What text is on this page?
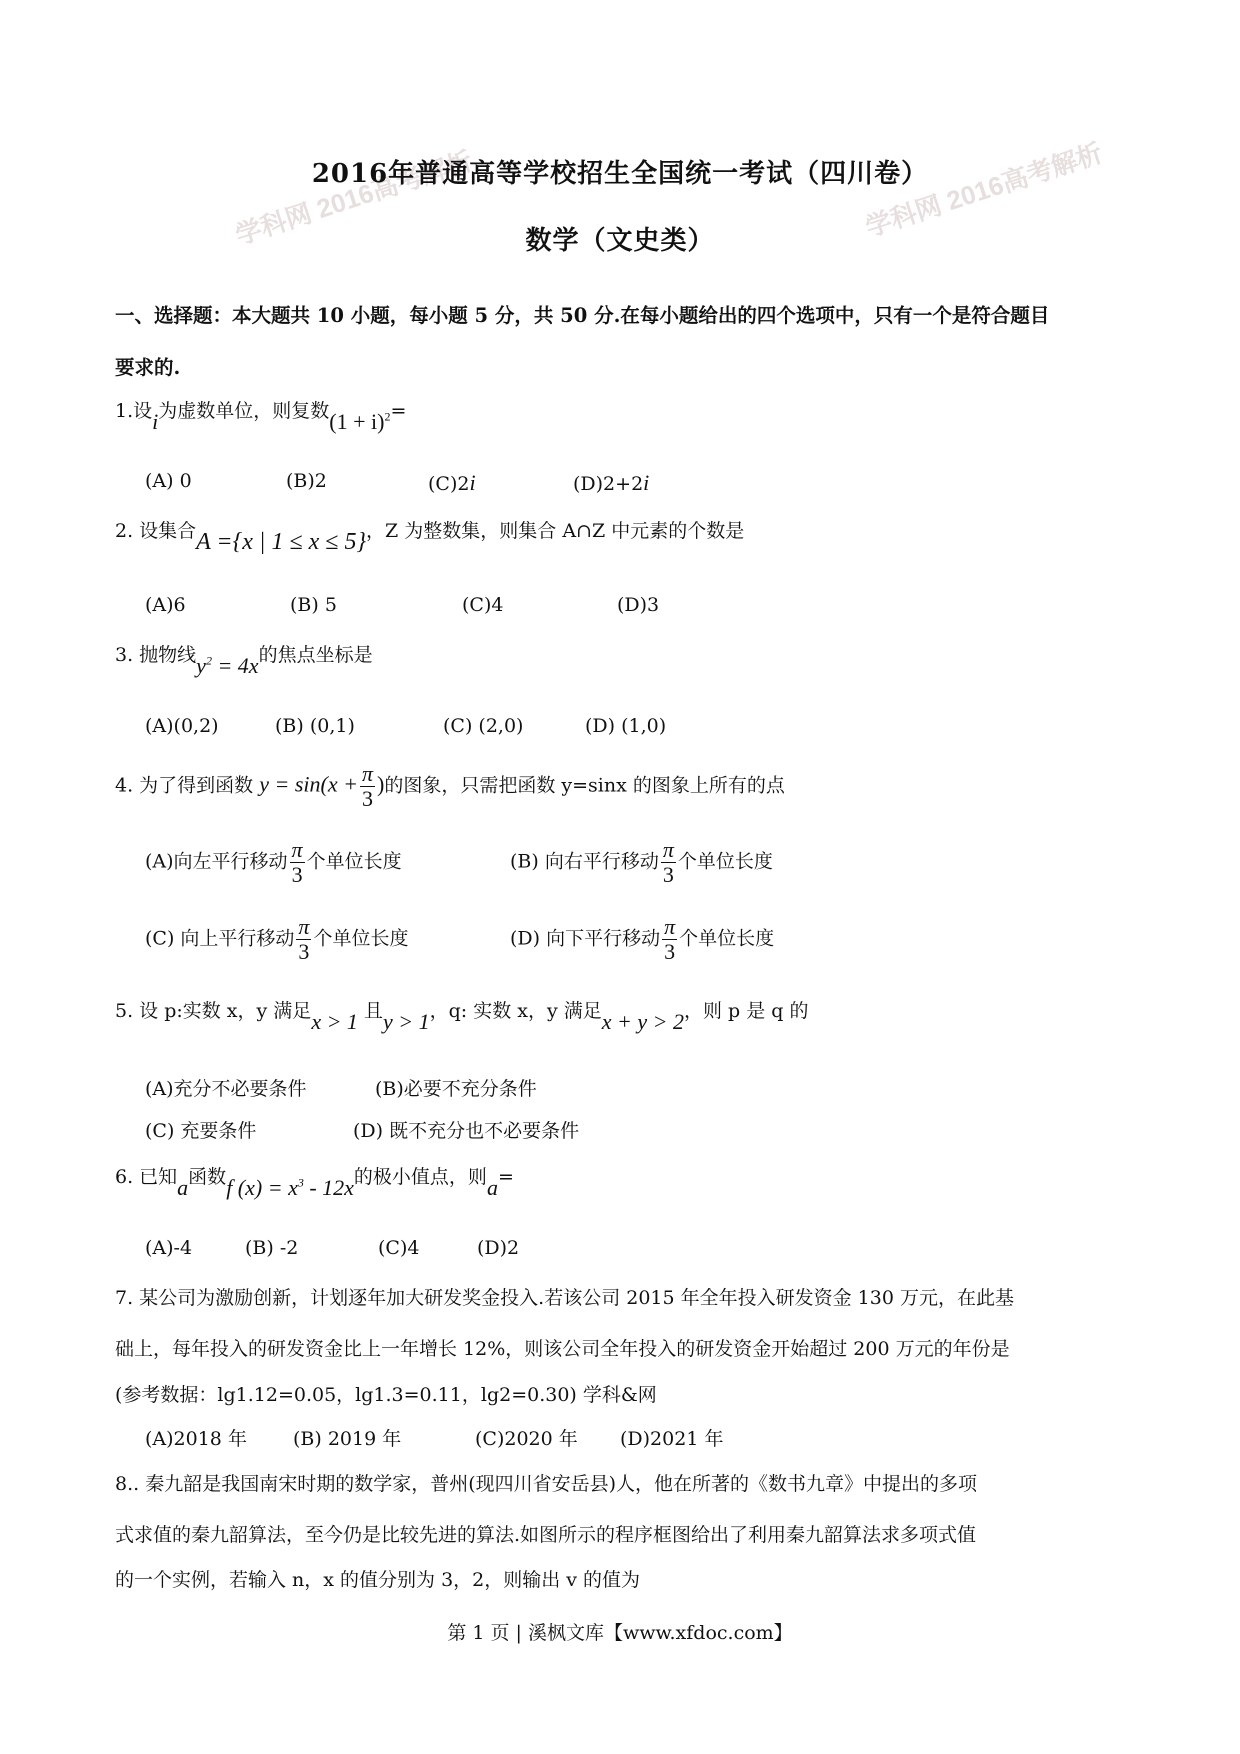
学科网 2016高考解析	学科网 2016高考解析
2016年普通高等学校招生全国统一考试（四川卷）
数学（文史类）
一、选择题：本大题共 10 小题，每小题 5 分，共 50 分.在每小题给出的四个选项中，只有一个是符合题目
要求的.
1.设i为虚数单位，则复数$(1 + i)^2=$
(A) 0	(B)2	(C)2i	(D)2+2i
2. 设集合A ={x | 1 ≤ x ≤ 5}，Z 为整数集，则集合 A∩Z 中元素的个数是
(A)6	(B) 5	(C)4	(D)3
3. 抛物线$y^2 = 4x$的焦点坐标是
(A)(0,2)	(B) (0,1)	(C) (2,0)	(D) (1,0)
4. 为了得到函数 $y = \sin(x + \frac{\pi}{3}$ )的图象，只需把函数 y=sinx 的图象上所有的点
(A)向左平行移动 $\frac{\pi}{3}$ 个单位长度	(B) 向右平行移动 $\frac{\pi}{3}$ 个单位长度
(C) 向上平行移动 $\frac{\pi}{3}$ 个单位长度	(D) 向下平行移动 $\frac{\pi}{3}$ 个单位长度
5. 设 p:实数 x，y 满足x > 1 且y > 1，q: 实数 x，y 满足x + y > 2，则 p 是 q 的
(A)充分不必要条件	(B)必要不充分条件
(C) 充要条件	(D) 既不充分也不必要条件
6. 已知a函数f $(x) = x^3 - 12x$的极小值点，则a=
(A)-4	(B) -2	(C)4	(D)2
7. 某公司为激励创新，计划逐年加大研发奖金投入.若该公司 2015 年全年投入研发资金 130 万元，在此基
础上，每年投入的研发资金比上一年增长 12%，则该公司全年投入的研发资金开始超过 200 万元的年份是
(参考数据：lg1.12=0.05，lg1.3=0.11，lg2=0.30) 学科&网
(A)2018 年 (B) 2019 年	(C)2020 年 (D)2021 年
8.. 秦九韶是我国南宋时期的数学家，普州(现四川省安岳县)人，他在所著的《数书九章》中提出的多项
式求值的秦九韶算法，至今仍是比较先进的算法.如图所示的程序框图给出了利用秦九韶算法求多项式值
的一个实例，若输入 n，x 的值分别为 3，2，则输出 v 的值为
第 1 页 | 溪枫文库【www.xfdoc.com】
